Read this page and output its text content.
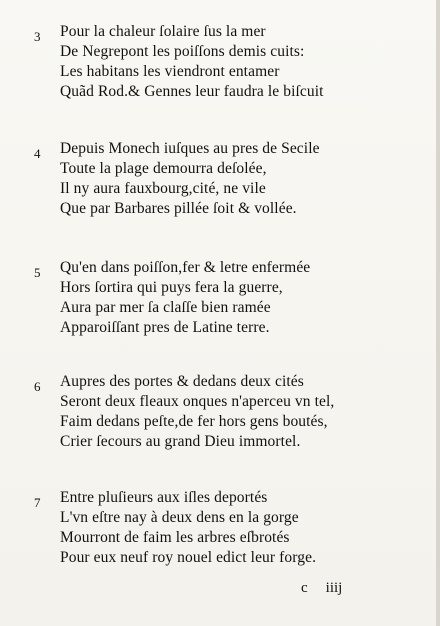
3 Pour la chaleur ſolaire ſus la mer
De Negrepont les poiſſons demis cuits:
Les habitans les viendront entamer
Quãd Rod.& Gennes leur faudra le biſcuit
4 Depuis Monech iuſques au pres de Secile
Toute la plage demourra deſolée,
Il ny aura fauxbourg,cité, ne vile
Que par Barbares pillée ſoit & vollée.
5 Qu'en dans poiſſon,fer & letre enfermée
Hors ſortira qui puys fera la guerre,
Aura par mer ſa claſſe bien ramée
Apparoiſſant pres de Latine terre.
6 Aupres des portes & dedans deux cités
Seront deux fleaux onques n'aperceu vn tel,
Faim dedans peſte,de fer hors gens boutés,
Crier ſecours au grand Dieu immortel.
7 Entre pluſieurs aux iſles deportés
L'vn eſtre nay à deux dens en la gorge
Mourront de faim les arbres eſbrotés
Pour eux neuf roy nouel edict leur forge.
c iiij
